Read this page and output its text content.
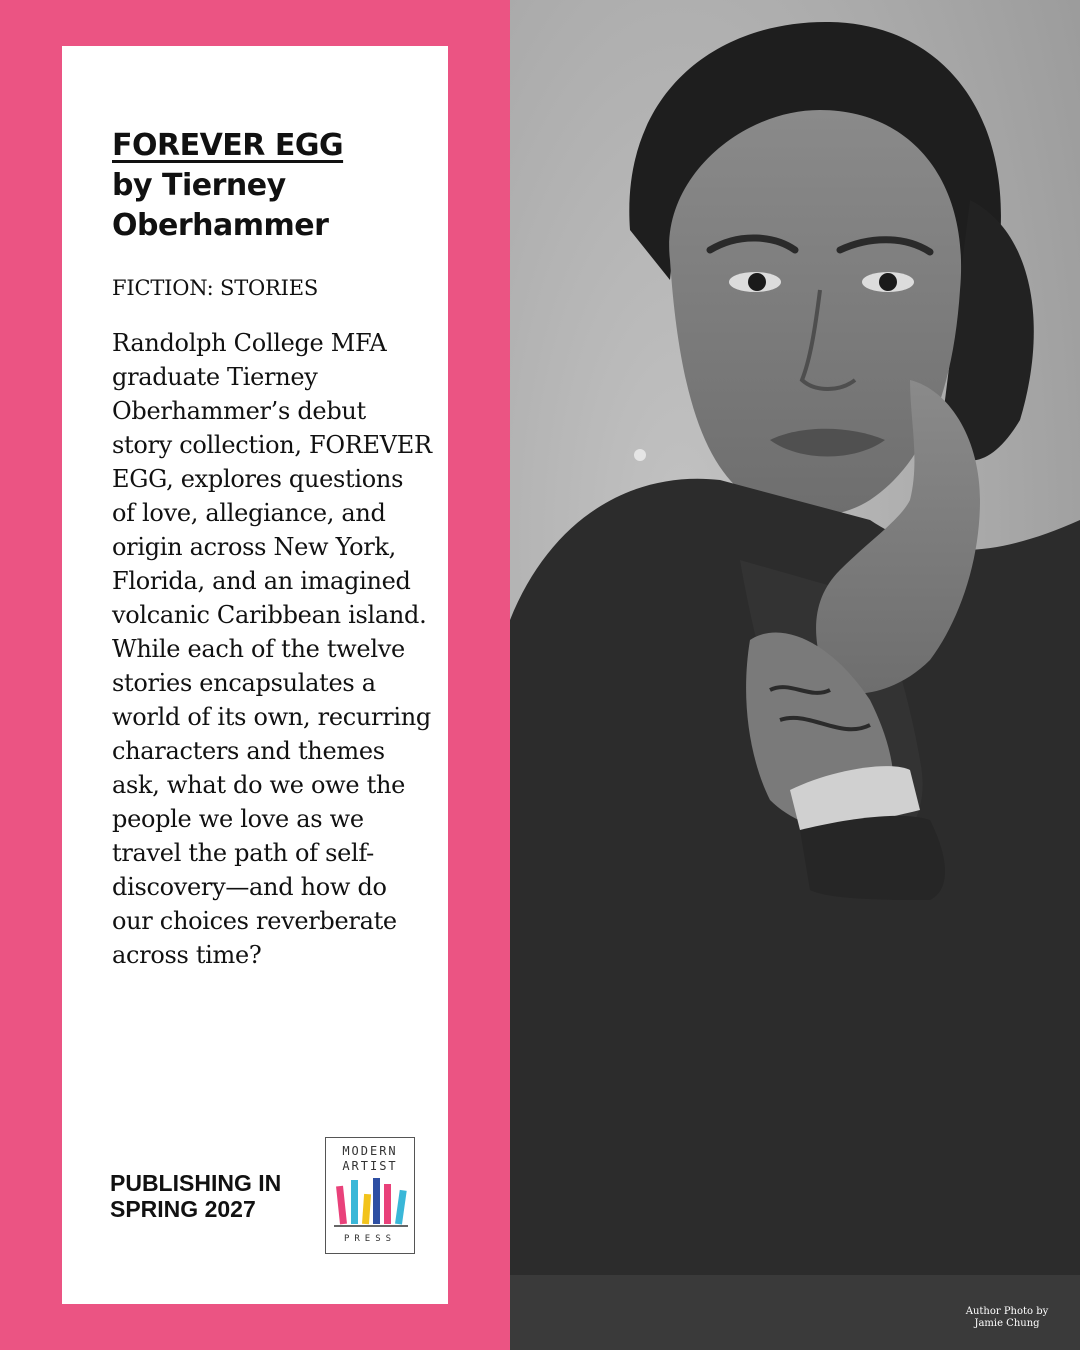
FOREVER EGG
by Tierney Oberhammer
FICTION: STORIES

Randolph College MFA graduate Tierney Oberhammer’s debut story collection, FOREVER EGG, explores questions of love, allegiance, and origin across New York, Florida, and an imagined volcanic Caribbean island. While each of the twelve stories encapsulates a world of its own, recurring characters and themes ask, what do we owe the people we love as we travel the path of self-discovery—and how do our choices reverberate across time?

PUBLISHING IN
SPRING 2027
MODERN
ARTIST
PRESS
Author Photo by
Jamie Chung
